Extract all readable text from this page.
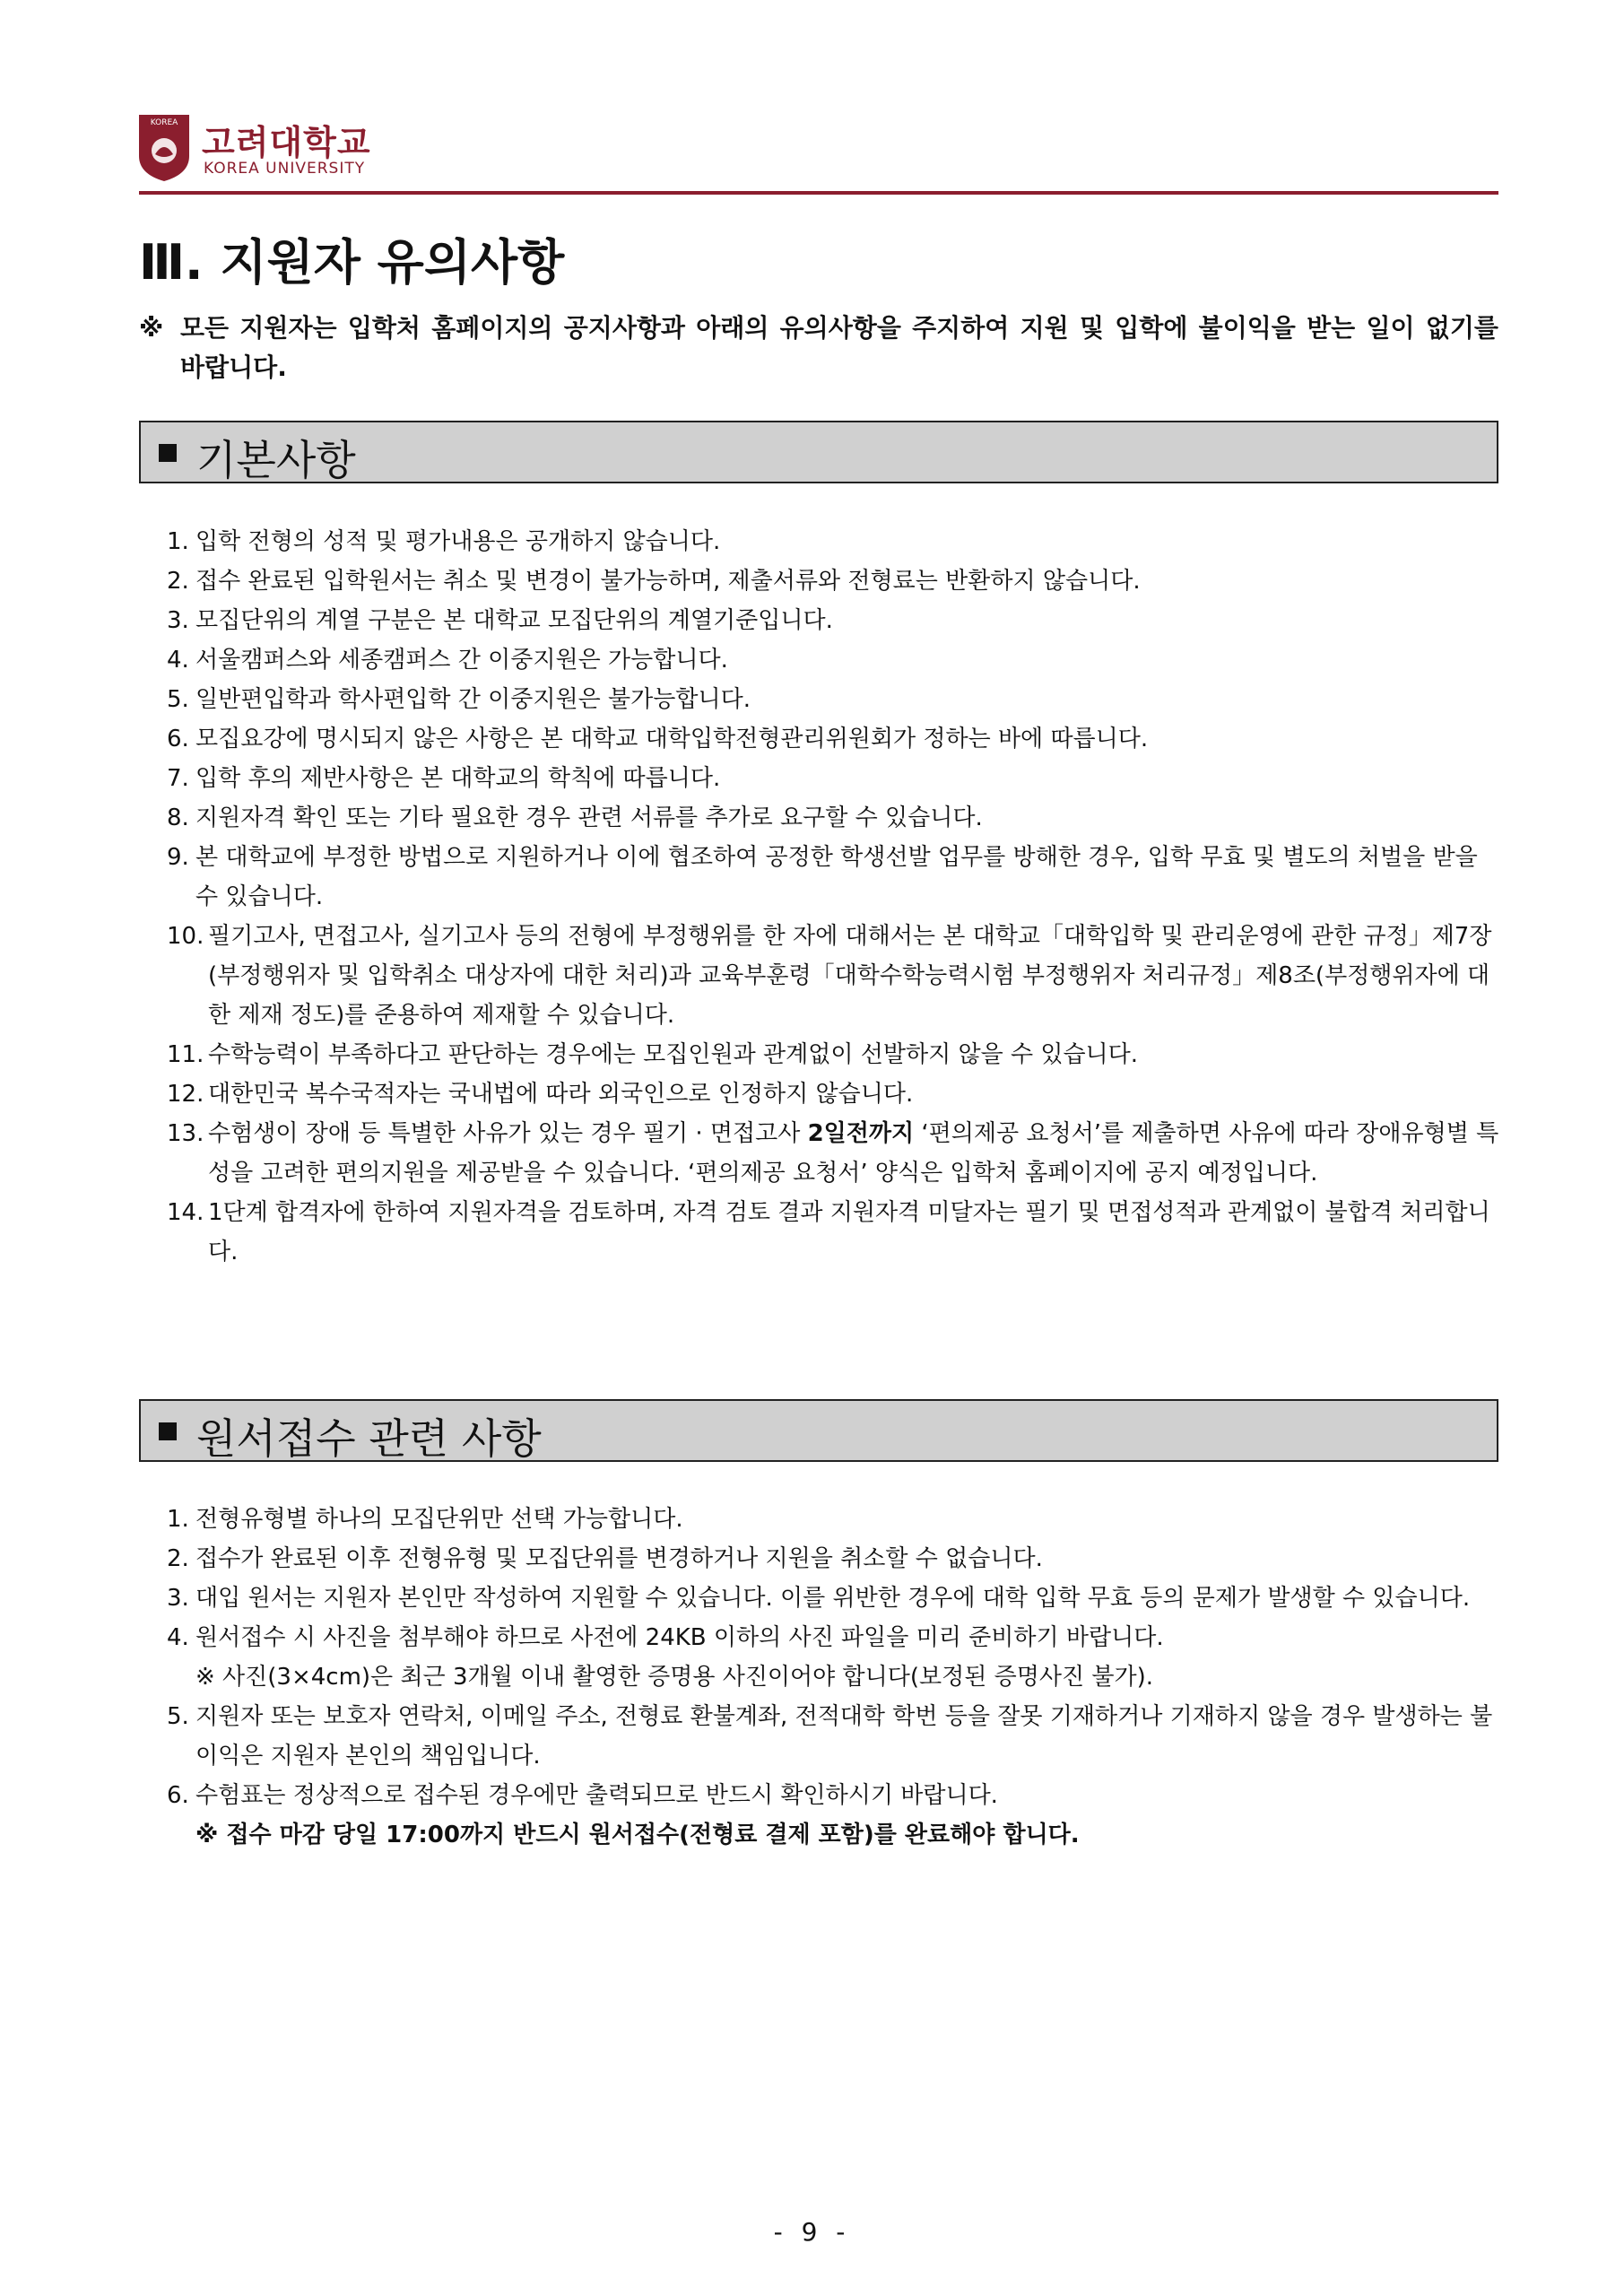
KOREA 고려대학교
KOREA UNIVERSITY
Ⅲ. 지원자 유의사항
※ 모든 지원자는 입학처 홈페이지의 공지사항과 아래의 유의사항을 주지하여 지원 및 입학에 불이익을 받는 일이 없기를 바랍니다.
기본사항
1. 입학 전형의 성적 및 평가내용은 공개하지 않습니다.
2. 접수 완료된 입학원서는 취소 및 변경이 불가능하며, 제출서류와 전형료는 반환하지 않습니다.
3. 모집단위의 계열 구분은 본 대학교 모집단위의 계열기준입니다.
4. 서울캠퍼스와 세종캠퍼스 간 이중지원은 가능합니다.
5. 일반편입학과 학사편입학 간 이중지원은 불가능합니다.
6. 모집요강에 명시되지 않은 사항은 본 대학교 대학입학전형관리위원회가 정하는 바에 따릅니다.
7. 입학 후의 제반사항은 본 대학교의 학칙에 따릅니다.
8. 지원자격 확인 또는 기타 필요한 경우 관련 서류를 추가로 요구할 수 있습니다.
9. 본 대학교에 부정한 방법으로 지원하거나 이에 협조하여 공정한 학생선발 업무를 방해한 경우, 입학 무효 및 별도의 처벌을 받을 수 있습니다.
10. 필기고사, 면접고사, 실기고사 등의 전형에 부정행위를 한 자에 대해서는 본 대학교「대학입학 및 관리운영에 관한 규정」제7장(부정행위자 및 입학취소 대상자에 대한 처리)과 교육부훈령「대학수학능력시험 부정행위자 처리규정」제8조(부정행위자에 대한 제재 정도)를 준용하여 제재할 수 있습니다.
11. 수학능력이 부족하다고 판단하는 경우에는 모집인원과 관계없이 선발하지 않을 수 있습니다.
12. 대한민국 복수국적자는 국내법에 따라 외국인으로 인정하지 않습니다.
13. 수험생이 장애 등 특별한 사유가 있는 경우 필기 · 면접고사 2일전까지 ‘편의제공 요청서’를 제출하면 사유에 따라 장애유형별 특성을 고려한 편의지원을 제공받을 수 있습니다. ‘편의제공 요청서’ 양식은 입학처 홈페이지에 공지 예정입니다.
14. 1단계 합격자에 한하여 지원자격을 검토하며, 자격 검토 결과 지원자격 미달자는 필기 및 면접성적과 관계없이 불합격 처리합니다.
원서접수 관련 사항
1. 전형유형별 하나의 모집단위만 선택 가능합니다.
2. 접수가 완료된 이후 전형유형 및 모집단위를 변경하거나 지원을 취소할 수 없습니다.
3. 대입 원서는 지원자 본인만 작성하여 지원할 수 있습니다. 이를 위반한 경우에 대학 입학 무효 등의 문제가 발생할 수 있습니다.
4. 원서접수 시 사진을 첨부해야 하므로 사전에 24KB 이하의 사진 파일을 미리 준비하기 바랍니다.
※ 사진(3×4cm)은 최근 3개월 이내 촬영한 증명용 사진이어야 합니다(보정된 증명사진 불가).
5. 지원자 또는 보호자 연락처, 이메일 주소, 전형료 환불계좌, 전적대학 학번 등을 잘못 기재하거나 기재하지 않을 경우 발생하는 불이익은 지원자 본인의 책임입니다.
6. 수험표는 정상적으로 접수된 경우에만 출력되므로 반드시 확인하시기 바랍니다.
※ 접수 마감 당일 17:00까지 반드시 원서접수(전형료 결제 포함)를 완료해야 합니다.
- 9 -
